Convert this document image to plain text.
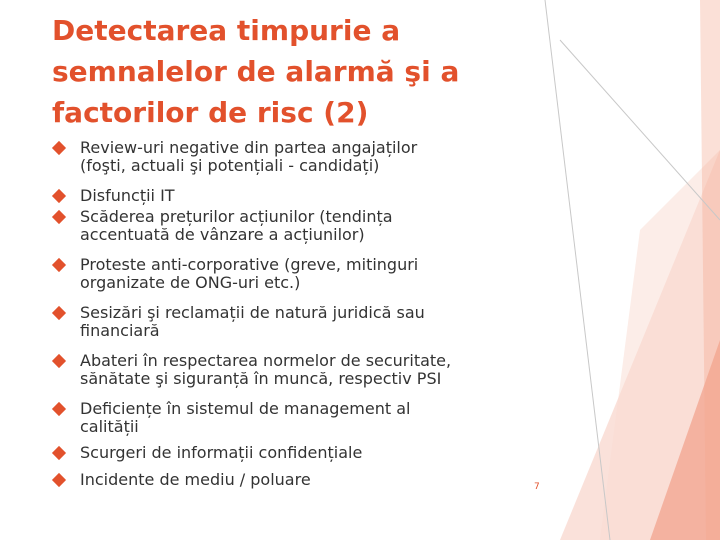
Detectarea timpurie a
semnalelor de alarmă şi a
factorilor de risc (2)
Review-uri negative din partea angajaților
(foşti, actuali şi potențiali - candidați)
Disfuncții IT
Scăderea prețurilor acțiunilor (tendința
accentuată de vânzare a acțiunilor)
Proteste anti-corporative (greve, mitinguri
organizate de ONG-uri etc.)
Sesizări şi reclamații de natură juridică sau
financiară
Abateri în respectarea normelor de securitate,
sănătate şi siguranță în muncă, respectiv PSI
Deficiențe în sistemul de management al
calității
Scurgeri de informații confidențiale
Incidente de mediu / poluare	7
